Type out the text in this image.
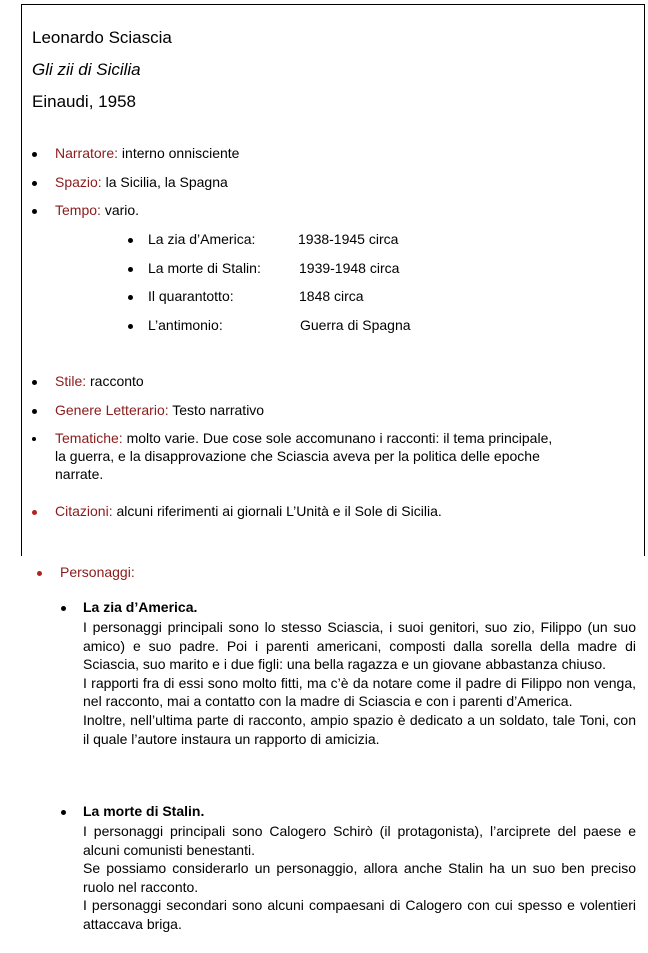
Leonardo Sciascia
Gli zii di Sicilia
Einaudi, 1958
Narratore: interno onnisciente
Spazio: la Sicilia, la Spagna
Tempo: vario.
La zia d’America:	1938-1945 circa
La morte di Stalin:	1939-1948 circa
Il quarantotto:	1848 circa
L’antimonio:	Guerra di Spagna
Stile: racconto
Genere Letterario: Testo narrativo
Tematiche: molto varie. Due cose sole accomunano i racconti: il tema principale,
la guerra, e la disapprovazione che Sciascia aveva per la politica delle epoche
narrate.
Citazioni: alcuni riferimenti ai giornali L’Unità e il Sole di Sicilia.
Personaggi:
La zia d’America.

I personaggi principali sono lo stesso Sciascia, i suoi genitori, suo zio, Filippo (un suo amico) e suo padre. Poi i parenti americani, composti dalla sorella della madre di Sciascia, suo marito e i due figli: una bella ragazza e un giovane abbastanza chiuso.

I rapporti fra di essi sono molto fitti, ma c’è da notare come il padre di Filippo non venga, nel racconto, mai a contatto con la madre di Sciascia e con i parenti d’America.

Inoltre, nell’ultima parte di racconto, ampio spazio è dedicato a un soldato, tale Toni, con il quale l’autore instaura un rapporto di amicizia.

La morte di Stalin.

I personaggi principali sono Calogero Schirò (il protagonista), l’arciprete del paese e alcuni comunisti benestanti.

Se possiamo considerarlo un personaggio, allora anche Stalin ha un suo ben preciso ruolo nel racconto.

I personaggi secondari sono alcuni compaesani di Calogero con cui spesso e volentieri attaccava briga.
